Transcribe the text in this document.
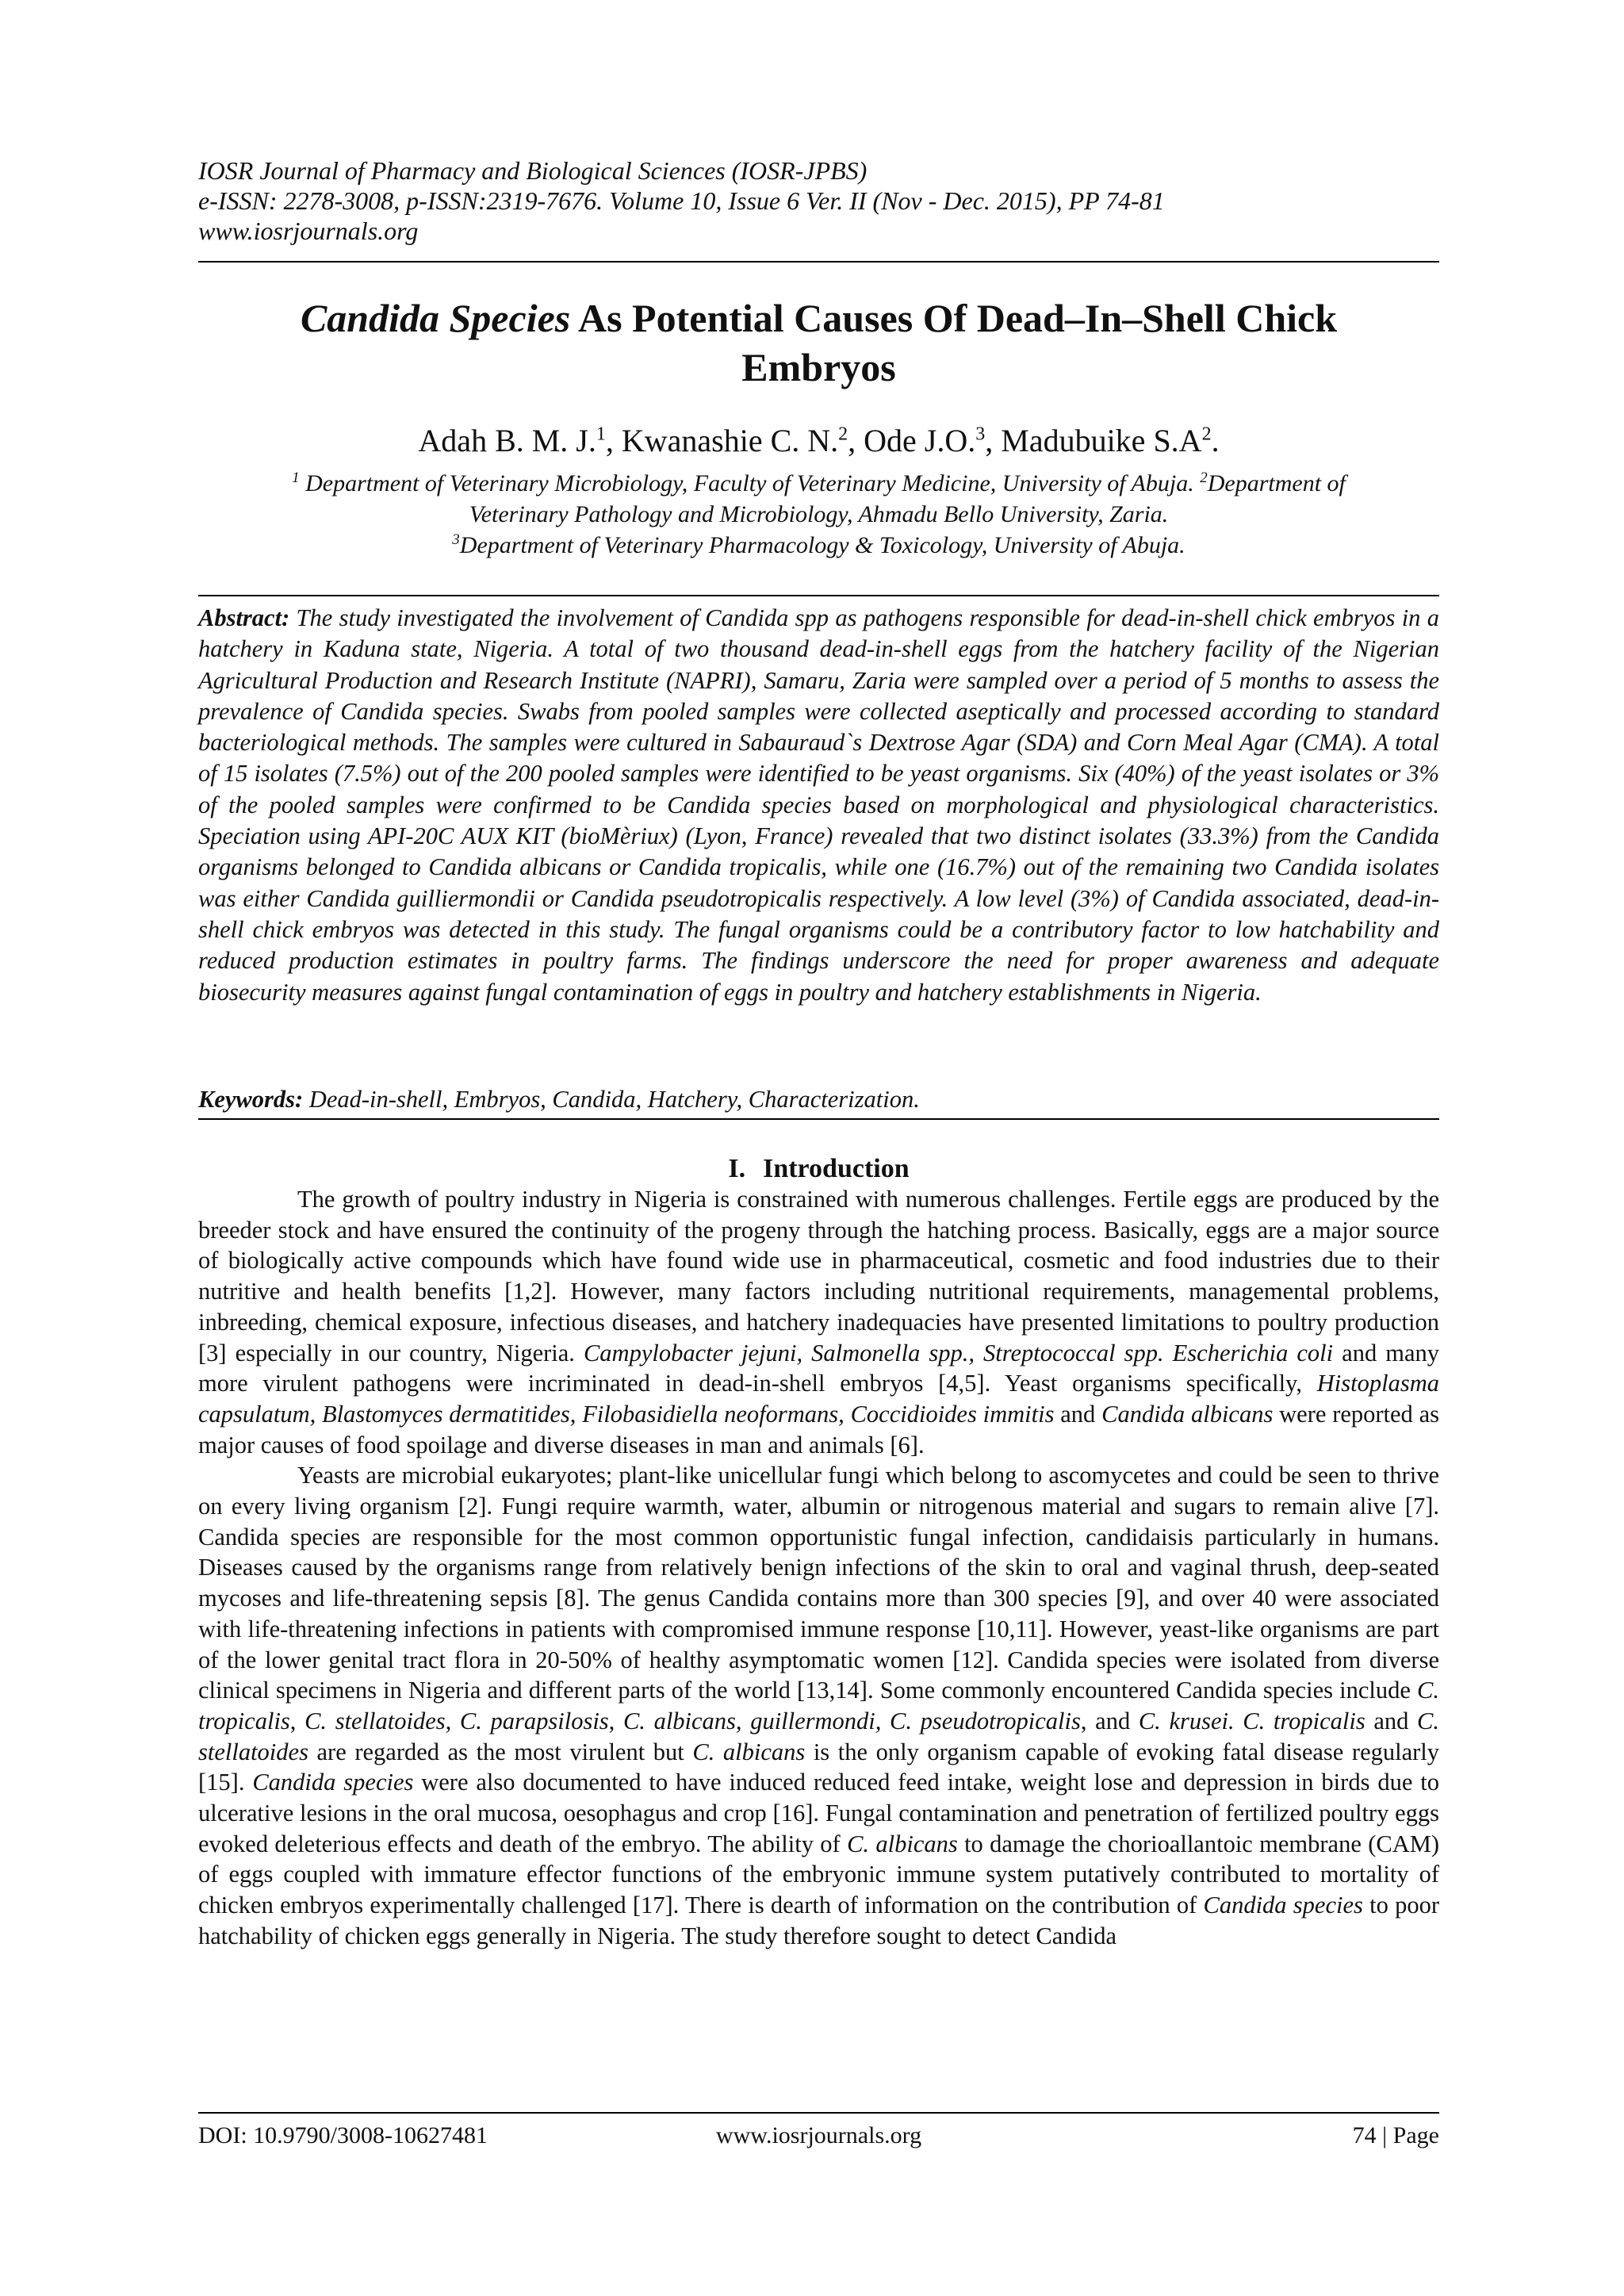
IOSR Journal of Pharmacy and Biological Sciences (IOSR-JPBS)
e-ISSN: 2278-3008, p-ISSN:2319-7676. Volume 10, Issue 6 Ver. II (Nov - Dec. 2015), PP 74-81
www.iosrjournals.org
Candida Species As Potential Causes Of Dead–In–Shell Chick
Embryos
Adah B. M. J.$^1$, Kwanashie C. N.$^2$, Ode J.O.$^3$, Madubuike $S.A^2$.
$^1$ Department of Veterinary Microbiology, Faculty of Veterinary Medicine, University of Abuja. $^2$Department of
Veterinary Pathology and Microbiology, Ahmadu Bello University, Zaria.
$^3$Department of Veterinary Pharmacology & Toxicology, University of Abuja.
Abstract: The study investigated the involvement of Candida spp as pathogens responsible for dead-in-shell chick embryos in a hatchery in Kaduna state, Nigeria. A total of two thousand dead-in-shell eggs from the hatchery facility of the Nigerian Agricultural Production and Research Institute (NAPRI), Samaru, Zaria were sampled over a period of 5 months to assess the prevalence of Candida species. Swabs from pooled samples were collected aseptically and processed according to standard bacteriological methods. The samples were cultured in Sabauraud`s Dextrose Agar (SDA) and Corn Meal Agar (CMA). A total of 15 isolates (7.5%) out of the 200 pooled samples were identified to be yeast organisms. Six (40%) of the yeast isolates or 3% of the pooled samples were confirmed to be Candida species based on morphological and physiological characteristics. Speciation using API-20C AUX KIT (bioMèriux) (Lyon, France) revealed that two distinct isolates (33.3%) from the Candida organisms belonged to Candida albicans or Candida tropicalis, while one (16.7%) out of the remaining two Candida isolates was either Candida guilliermondii or Candida pseudotropicalis respectively. A low level (3%) of Candida associated, dead-in-shell chick embryos was detected in this study. The fungal organisms could be a contributory factor to low hatchability and reduced production estimates in poultry farms. The findings underscore the need for proper awareness and adequate biosecurity measures against fungal contamination of eggs in poultry and hatchery establishments in Nigeria.
Keywords: Dead-in-shell, Embryos, Candida, Hatchery, Characterization.
I. Introduction

The growth of poultry industry in Nigeria is constrained with numerous challenges. Fertile eggs are produced by the breeder stock and have ensured the continuity of the progeny through the hatching process. Basically, eggs are a major source of biologically active compounds which have found wide use in pharmaceutical, cosmetic and food industries due to their nutritive and health benefits [1,2]. However, many factors including nutritional requirements, managemental problems, inbreeding, chemical exposure, infectious diseases, and hatchery inadequacies have presented limitations to poultry production [3] especially in our country, Nigeria. Campylobacter jejuni, Salmonella spp., Streptococcal spp. Escherichia coli and many more virulent pathogens were incriminated in dead-in-shell embryos [4,5]. Yeast organisms specifically, Histoplasma capsulatum, Blastomyces dermatitides, Filobasidiella neoformans, Coccidioides immitis and Candida albicans were reported as major causes of food spoilage and diverse diseases in man and animals [6].

Yeasts are microbial eukaryotes; plant-like unicellular fungi which belong to ascomycetes and could be seen to thrive on every living organism [2]. Fungi require warmth, water, albumin or nitrogenous material and sugars to remain alive [7]. Candida species are responsible for the most common opportunistic fungal infection, candidaisis particularly in humans. Diseases caused by the organisms range from relatively benign infections of the skin to oral and vaginal thrush, deep-seated mycoses and life-threatening sepsis [8]. The genus Candida contains more than 300 species [9], and over 40 were associated with life-threatening infections in patients with compromised immune response [10,11]. However, yeast-like organisms are part of the lower genital tract flora in 20-50% of healthy asymptomatic women [12]. Candida species were isolated from diverse clinical specimens in Nigeria and different parts of the world [13,14]. Some commonly encountered Candida species include C. tropicalis, C. stellatoides, C. parapsilosis, C. albicans, guillermondi, C. pseudotropicalis, and C. krusei. C. tropicalis and C. stellatoides are regarded as the most virulent but C. albicans is the only organism capable of evoking fatal disease regularly [15]. Candida species were also documented to have induced reduced feed intake, weight lose and depression in birds due to ulcerative lesions in the oral mucosa, oesophagus and crop [16]. Fungal contamination and penetration of fertilized poultry eggs evoked deleterious effects and death of the embryo. The ability of C. albicans to damage the chorioallantoic membrane (CAM) of eggs coupled with immature effector functions of the embryonic immune system putatively contributed to mortality of chicken embryos experimentally challenged [17]. There is dearth of information on the contribution of Candida species to poor hatchability of chicken eggs generally in Nigeria. The study therefore sought to detect Candida

DOI: 10.9790/3008-10627481	www.iosrjournals.org	74 | Page
